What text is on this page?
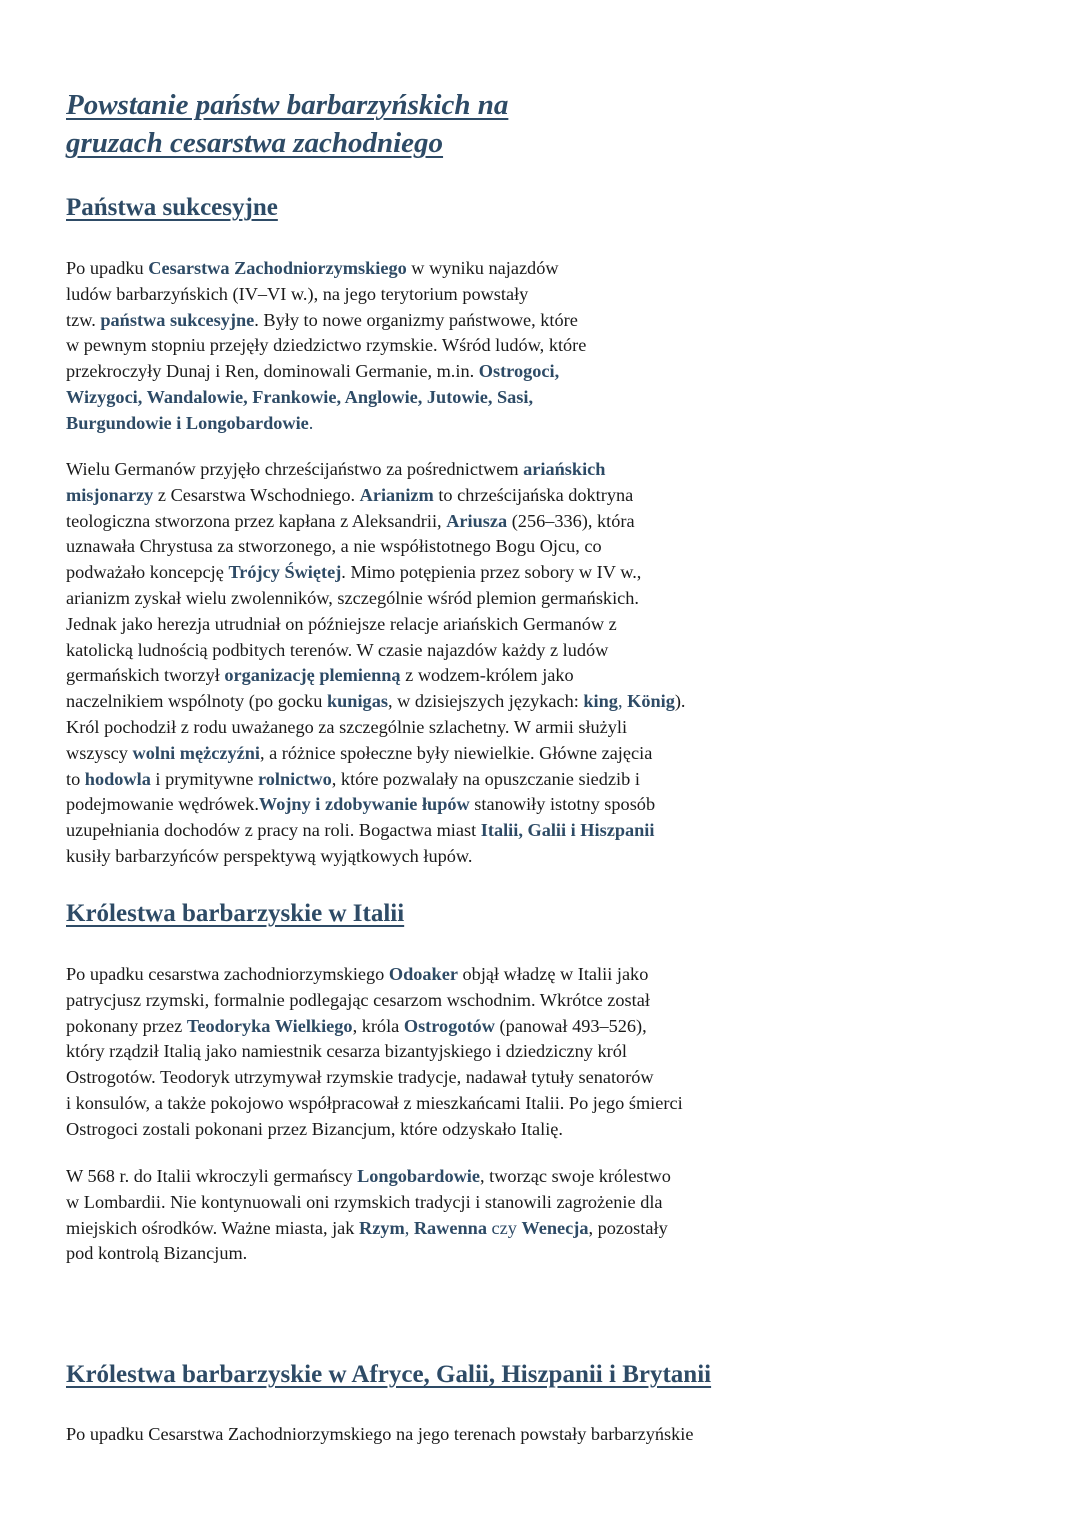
Powstanie państw barbarzyńskich na
gruzach cesarstwa zachodniego
Państwa sukcesyjne

Po upadku Cesarstwa Zachodniorzymskiego w wyniku najazdów
ludów barbarzyńskich (IV–VI w.), na jego terytorium powstały
tzw. państwa sukcesyjne. Były to nowe organizmy państwowe, które
w pewnym stopniu przejęły dziedzictwo rzymskie. Wśród ludów, które
przekroczyły Dunaj i Ren, dominowali Germanie, m.in. Ostrogoci,
Wizygoci, Wandalowie, Frankowie, Anglowie, Jutowie, Sasi,
Burgundowie i Longobardowie.

Wielu Germanów przyjęło chrześcijaństwo za pośrednictwem ariańskich
misjonarzy z Cesarstwa Wschodniego. Arianizm to chrześcijańska doktryna
teologiczna stworzona przez kapłana z Aleksandrii, Ariusza (256–336), która
uznawała Chrystusa za stworzonego, a nie współistotnego Bogu Ojcu, co
podważało koncepcję Trójcy Świętej. Mimo potępienia przez sobory w IV w.,
arianizm zyskał wielu zwolenników, szczególnie wśród plemion germańskich.
Jednak jako herezja utrudniał on późniejsze relacje ariańskich Germanów z
katolicką ludnością podbitych terenów. W czasie najazdów każdy z ludów
germańskich tworzył organizację plemienną z wodzem-królem jako
naczelnikiem wspólnoty (po gocku kunigas, w dzisiejszych językach: king, König).
Król pochodził z rodu uważanego za szczególnie szlachetny. W armii służyli
wszyscy wolni mężczyźni, a różnice społeczne były niewielkie. Główne zajęcia
to hodowla i prymitywne rolnictwo, które pozwalały na opuszczanie siedzib i
podejmowanie wędrówek.Wojny i zdobywanie łupów stanowiły istotny sposób
uzupełniania dochodów z pracy na roli. Bogactwa miast Italii, Galii i Hiszpanii
kusiły barbarzyńców perspektywą wyjątkowych łupów.

Królestwa barbarzyskie w Italii

Po upadku cesarstwa zachodniorzymskiego Odoaker objął władzę w Italii jako
patrycjusz rzymski, formalnie podlegając cesarzom wschodnim. Wkrótce został
pokonany przez Teodoryka Wielkiego, króla Ostrogotów (panował 493–526),
który rządził Italią jako namiestnik cesarza bizantyjskiego i dziedziczny król
Ostrogotów. Teodoryk utrzymywał rzymskie tradycje, nadawał tytuły senatorów
i konsulów, a także pokojowo współpracował z mieszkańcami Italii. Po jego śmierci
Ostrogoci zostali pokonani przez Bizancjum, które odzyskało Italię.

W 568 r. do Italii wkroczyli germańscy Longobardowie, tworząc swoje królestwo
w Lombardii. Nie kontynuowali oni rzymskich tradycji i stanowili zagrożenie dla
miejskich ośrodków. Ważne miasta, jak Rzym, Rawenna czy Wenecja, pozostały
pod kontrolą Bizancjum.

Królestwa barbarzyskie w Afryce, Galii, Hiszpanii i Brytanii

Po upadku Cesarstwa Zachodniorzymskiego na jego terenach powstały barbarzyńskie
